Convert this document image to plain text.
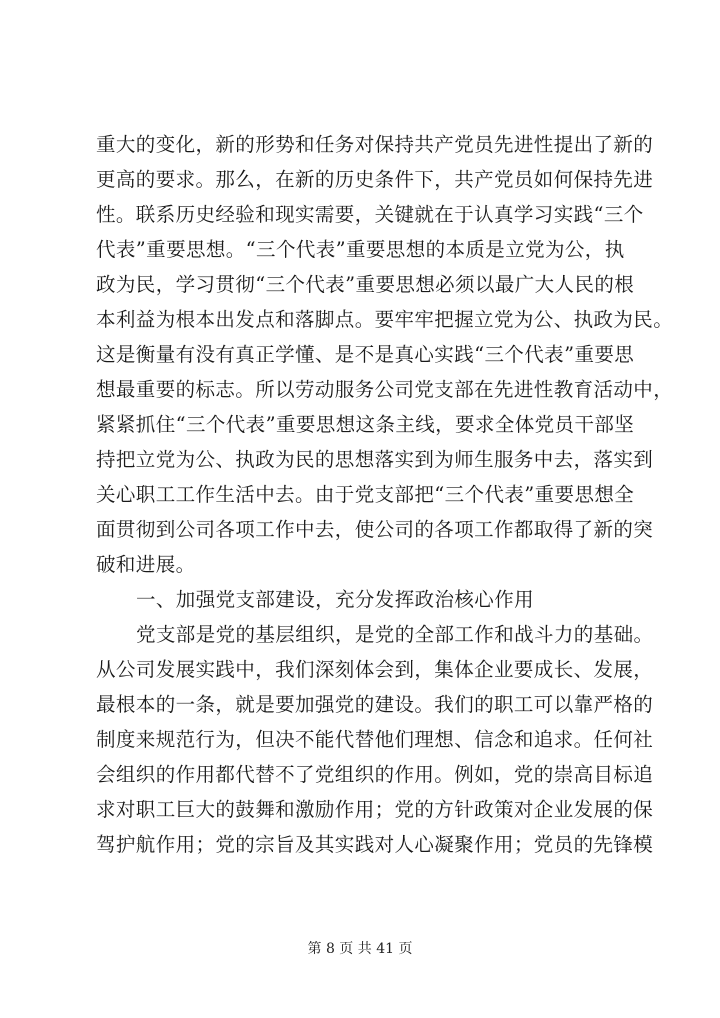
重大的变化，新的形势和任务对保持共产党员先进性提出了新的
更高的要求。那么，在新的历史条件下，共产党员如何保持先进
性。联系历史经验和现实需要，关键就在于认真学习实践“三个
代表”重要思想。“三个代表”重要思想的本质是立党为公，执
政为民，学习贯彻“三个代表”重要思想必须以最广大人民的根
本利益为根本出发点和落脚点。要牢牢把握立党为公、执政为民。
这是衡量有没有真正学懂、是不是真心实践“三个代表”重要思
想最重要的标志。所以劳动服务公司党支部在先进性教育活动中，
紧紧抓住“三个代表”重要思想这条主线，要求全体党员干部坚
持把立党为公、执政为民的思想落实到为师生服务中去，落实到
关心职工工作生活中去。由于党支部把“三个代表”重要思想全
面贯彻到公司各项工作中去，使公司的各项工作都取得了新的突
破和进展。
一、加强党支部建设，充分发挥政治核心作用
党支部是党的基层组织，是党的全部工作和战斗力的基础。
从公司发展实践中，我们深刻体会到，集体企业要成长、发展，
最根本的一条，就是要加强党的建设。我们的职工可以靠严格的
制度来规范行为，但决不能代替他们理想、信念和追求。任何社
会组织的作用都代替不了党组织的作用。例如，党的崇高目标追
求对职工巨大的鼓舞和激励作用；党的方针政策对企业发展的保
驾护航作用；党的宗旨及其实践对人心凝聚作用；党员的先锋模
第 8 页 共 41 页
